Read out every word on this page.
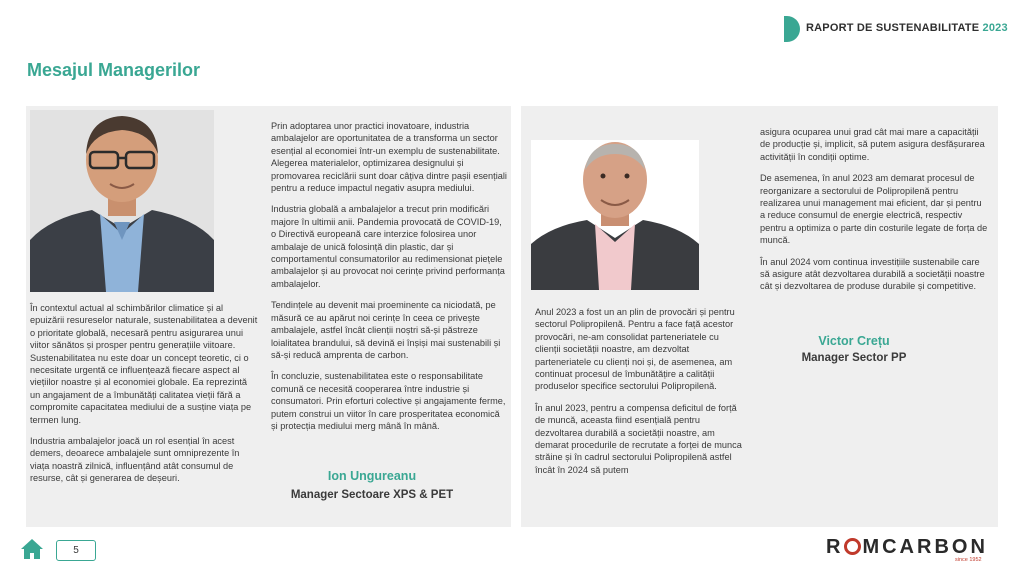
RAPORT DE SUSTENABILITATE 2023
Mesajul Managerilor

În contextul actual al schimbărilor climatice și al epuizării resureselor naturale, sustenabilitatea a devenit o prioritate globală, necesară pentru asigurarea unui viitor sănătos și prosper pentru generațiile viitoare. Sustenabilitatea nu este doar un concept teoretic, ci o necesitate urgentă ce influențează fiecare aspect al viețiilor noastre și al economiei globale. Ea reprezintă un angajament de a îmbunătăți calitatea vieții fără a compromite capacitatea mediului de a susține viața pe termen lung.

Industria ambalajelor joacă un rol esențial în acest demers, deoarece ambalajele sunt omniprezente în viața noastră zilnică, influențând atât consumul de resurse, cât și generarea de deșeuri.

Prin adoptarea unor practici inovatoare, industria ambalajelor are oportunitatea de a transforma un sector esențial al economiei într-un exemplu de sustenabilitate. Alegerea materialelor, optimizarea designului și promovarea reciclării sunt doar câțiva dintre pașii esențiali pentru a reduce impactul negativ asupra mediului.

Industria globală a ambalajelor a trecut prin modificări majore în ultimii anii. Pandemia provocată de COVID-19, o Directivă europeană care interzice folosirea unor ambalaje de unică folosință din plastic, dar și comportamentul consumatorilor au redimensionat piețele ambalajelor și au provocat noi cerințe privind performanța ambalajelor.

Tendințele au devenit mai proeminente ca niciodată, pe măsură ce au apărut noi cerințe în ceea ce privește ambalajele, astfel încât clienții noștri să-și păstreze loialitatea brandului, să devină ei înșiși mai sustenabili și să-și reducă amprenta de carbon.

În concluzie, sustenabilitatea este o responsabilitate comună ce necesită cooperarea între industrie și consumatori. Prin eforturi colective și angajamente ferme, putem construi un viitor în care prosperitatea economică și protecția mediului merg mână în mână.

Ion Ungureanu
Manager Sectoare XPS & PET

Anul 2023 a fost un an plin de provocări și pentru sectorul Polipropilenă. Pentru a face față acestor provocări, ne-am consolidat parteneriatele cu clienții societății noastre, am dezvoltat parteneriatele cu clienți noi și, de asemenea, am continuat procesul de îmbunătățire a calității produselor specifice sectorului Polipropilenă.

În anul 2023, pentru a compensa deficitul de forță de muncă, aceasta fiind esențială pentru dezvoltarea durabilă a societății noastre, am demarat procedurile de recrutate a forței de munca străine și în cadrul sectorului Polipropilenă astfel încât în 2024 să putem

asigura ocuparea unui grad cât mai mare a capacității de producție și, implicit, să putem asigura desfășurarea activității în condiții optime.

De asemenea, în anul 2023 am demarat procesul de reorganizare a sectorului de Polipropilenă pentru realizarea unui management mai eficient, dar și pentru a reduce consumul de energie electrică, respectiv pentru a optimiza o parte din costurile legate de forța de muncă.

În anul 2024 vom continua investițiile sustenabile care să asigure atât dezvoltarea durabilă a societății noastre cât și dezvoltarea de produse durabile și competitive.

Victor Crețu
Manager Sector PP
5	R MCARBON
since 1952
